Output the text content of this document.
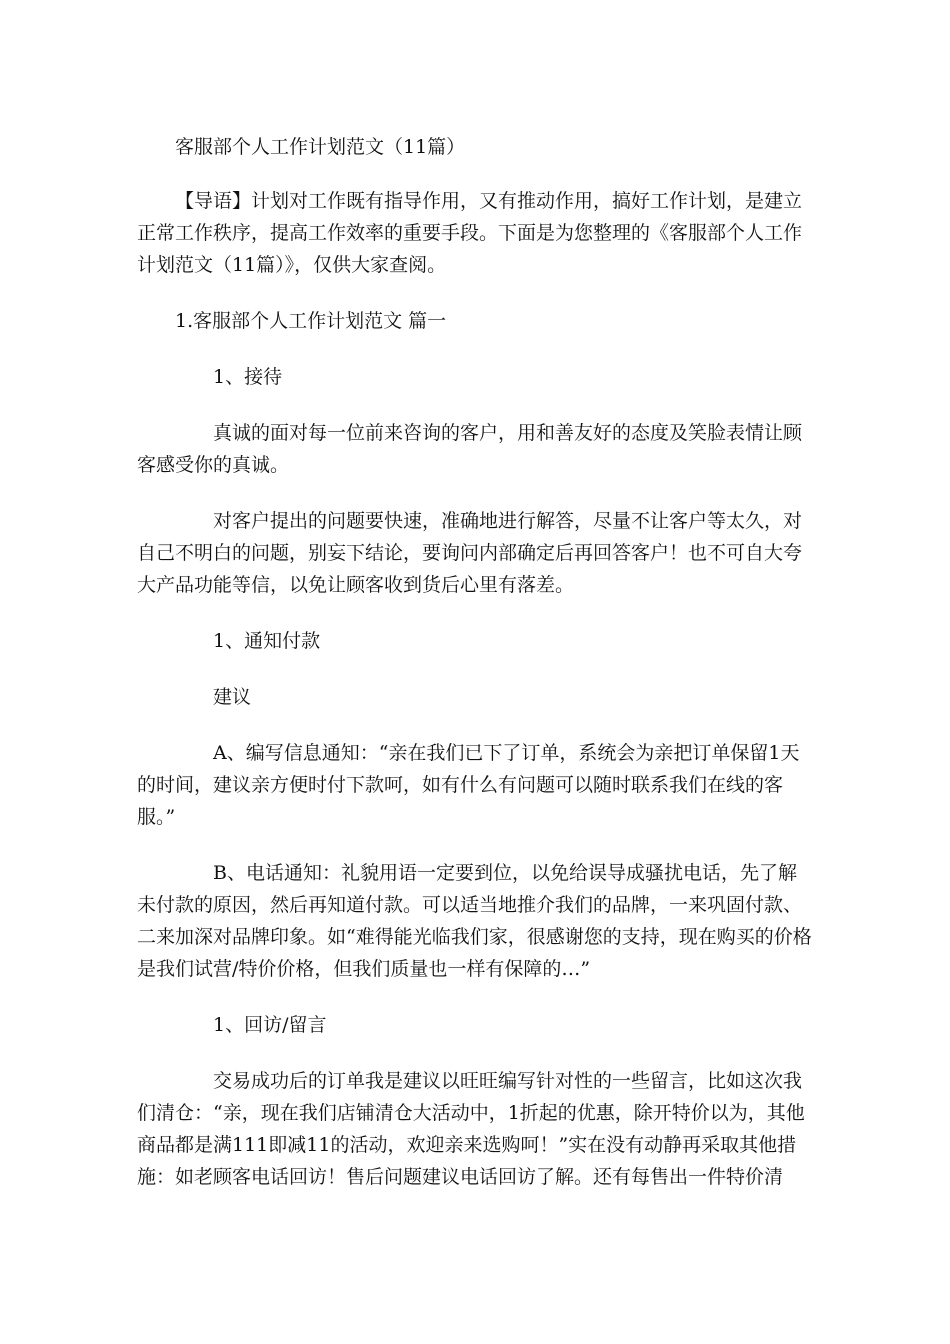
客服部个人工作计划范文（11篇）

【导语】计划对工作既有指导作用，又有推动作用，搞好工作计划，是建立正常工作秩序，提高工作效率的重要手段。下面是为您整理的《客服部个人工作计划范文（11篇）》，仅供大家查阅。

1.客服部个人工作计划范文 篇一

1、接待

真诚的面对每一位前来咨询的客户，用和善友好的态度及笑脸表情让顾客感受你的真诚。

对客户提出的问题要快速，准确地进行解答，尽量不让客户等太久，对自己不明白的问题，别妄下结论，要询问内部确定后再回答客户！也不可自大夸大产品功能等信，以免让顾客收到货后心里有落差。

1、通知付款

建议

A、编写信息通知：“亲在我们已下了订单，系统会为亲把订单保留1天的时间，建议亲方便时付下款呵，如有什么有问题可以随时联系我们在线的客服。”

B、电话通知：礼貌用语一定要到位，以免给误导成骚扰电话，先了解未付款的原因，然后再知道付款。可以适当地推介我们的品牌，一来巩固付款、二来加深对品牌印象。如“难得能光临我们家，很感谢您的支持，现在购买的价格是我们试营/特价价格，但我们质量也一样有保障的…”

1、回访/留言

交易成功后的订单我是建议以旺旺编写针对性的一些留言，比如这次我们清仓：“亲，现在我们店铺清仓大活动中，1折起的优惠，除开特价以为，其他商品都是满111即减11的活动，欢迎亲来选购呵！”实在没有动静再采取其他措施：如老顾客电话回访！售后问题建议电话回访了解。还有每售出一件特价清
